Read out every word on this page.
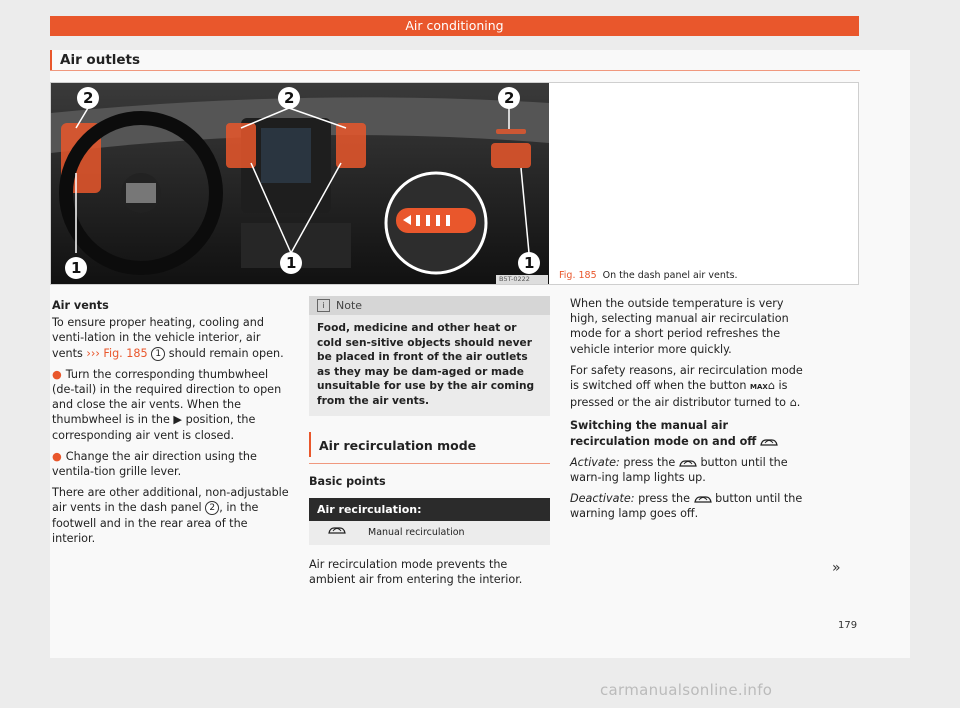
Air conditioning
Air outlets
2	2	2
1	1	1
B5T-0222	Fig. 185 On the dash panel air vents.
Air vents

To ensure proper heating, cooling and venti-lation in the vehicle interior, air vents ››› Fig. 185 1 should remain open.

● Turn the corresponding thumbwheel (de-tail) in the required direction to open and close the air vents. When the thumbwheel is in the ▶ position, the corresponding air vent is closed.

● Change the air direction using the ventila-tion grille lever.

There are other additional, non-adjustable air vents in the dash panel 2 , in the footwell and in the rear area of the interior.

i	Note
Food, medicine and other heat or cold sen-sitive objects should never be placed in front of the air outlets as they may be dam-aged or made unsuitable for use by the air coming from the air vents.
Air recirculation mode
Basic points
Air recirculation:
Manual recirculation

Air recirculation mode prevents the ambient air from entering the interior.

When the outside temperature is very high, selecting manual air recirculation mode for a short period refreshes the vehicle interior more quickly.

For safety reasons, air recirculation mode is switched off when the button MAX⌂ is pressed or the air distributor turned to ⌂.

Switching the manual air recirculation mode on and off

Activate: press the button until the warn-ing lamp lights up.

Deactivate: press the button until the warning lamp goes off.

»
179
carmanualsonline.info
